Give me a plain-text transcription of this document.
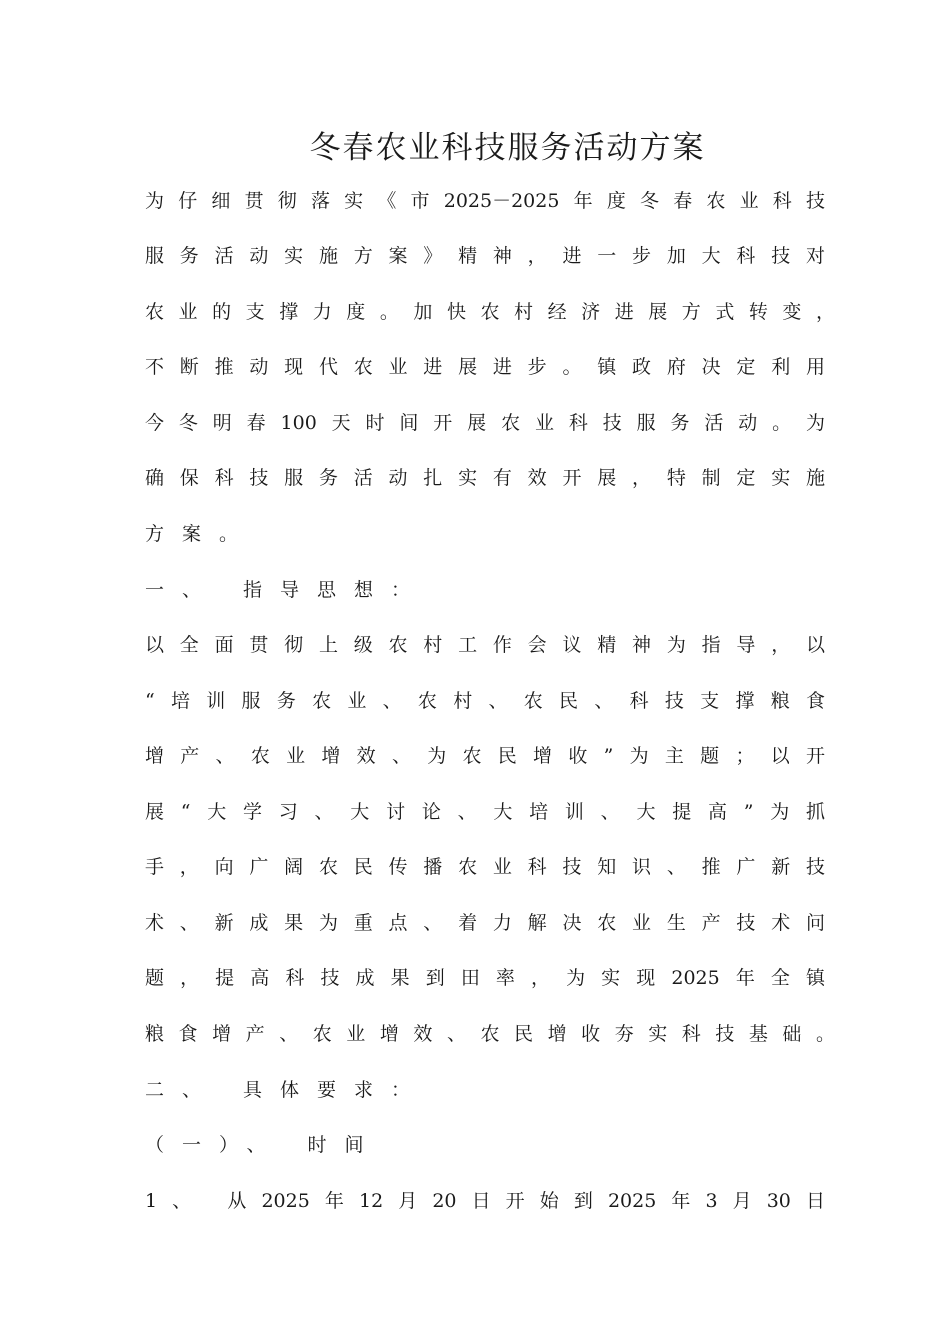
冬春农业科技服务活动方案
为仔细贯彻落实《市2025－2025年度冬春农业科技
服务活动实施方案》精神，进一步加大科技对
农业的支撑力度。加快农村经济进展方式转变，
不断推动现代农业进展进步。镇政府决定利用
今冬明春100天时间开展农业科技服务活动。为
确保科技服务活动扎实有效开展，特制定实施
方案。
一、 指导思想：
以全面贯彻上级农村工作会议精神为指导，以
“培训服务农业、农村、农民、科技支撑粮食
增产、农业增效、为农民增收”为主题；以开
展“大学习、大讨论、大培训、大提高”为抓
手，向广阔农民传播农业科技知识、推广新技
术、新成果为重点、着力解决农业生产技术问
题，提高科技成果到田率，为实现2025年全镇
粮食增产、农业增效、农民增收夯实科技基础。
二、 具体要求：
（一）、 时间
1、 从2025年12月20日开始到2025年3月30日
